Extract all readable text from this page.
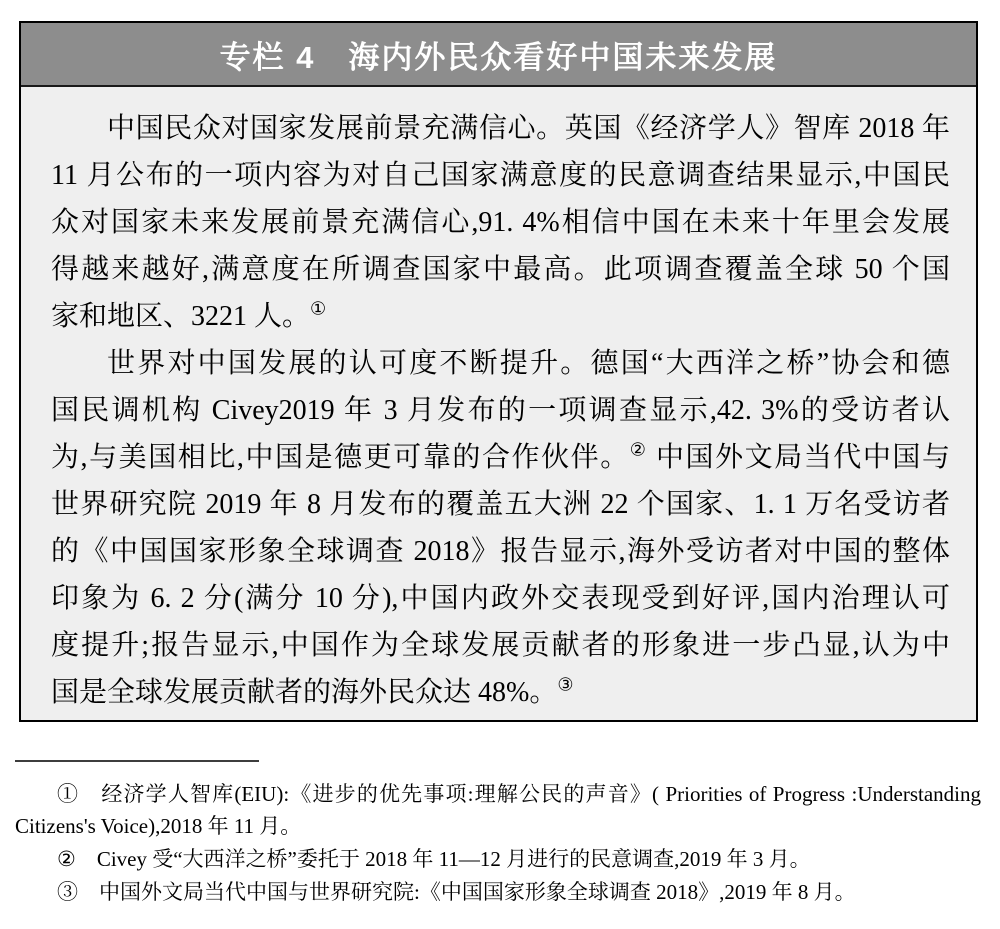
专栏 4　海内外民众看好中国未来发展
中国民众对国家发展前景充满信心。英国《经济学人》智库 2018 年
11 月公布的一项内容为对自己国家满意度的民意调查结果显示,中国民
众对国家未来发展前景充满信心,91. 4%相信中国在未来十年里会发展
得越来越好,满意度在所调查国家中最高。此项调查覆盖全球 50 个国
家和地区、3221 人。①
世界对中国发展的认可度不断提升。德国“大西洋之桥”协会和德
国民调机构 Civey2019 年 3 月发布的一项调查显示,42. 3%的受访者认
为,与美国相比,中国是德更可靠的合作伙伴。② 中国外文局当代中国与
世界研究院 2019 年 8 月发布的覆盖五大洲 22 个国家、1. 1 万名受访者
的《中国国家形象全球调查 2018》报告显示,海外受访者对中国的整体
印象为 6. 2 分(满分 10 分),中国内政外交表现受到好评,国内治理认可
度提升;报告显示,中国作为全球发展贡献者的形象进一步凸显,认为中
国是全球发展贡献者的海外民众达 48%。③
①　经济学人智库(EIU):《进步的优先事项:理解公民的声音》( Priorities of Progress :Understanding
Citizens's Voice),2018 年 11 月。
②　Civey 受“大西洋之桥”委托于 2018 年 11—12 月进行的民意调查,2019 年 3 月。
③　中国外文局当代中国与世界研究院:《中国国家形象全球调查 2018》,2019 年 8 月。
